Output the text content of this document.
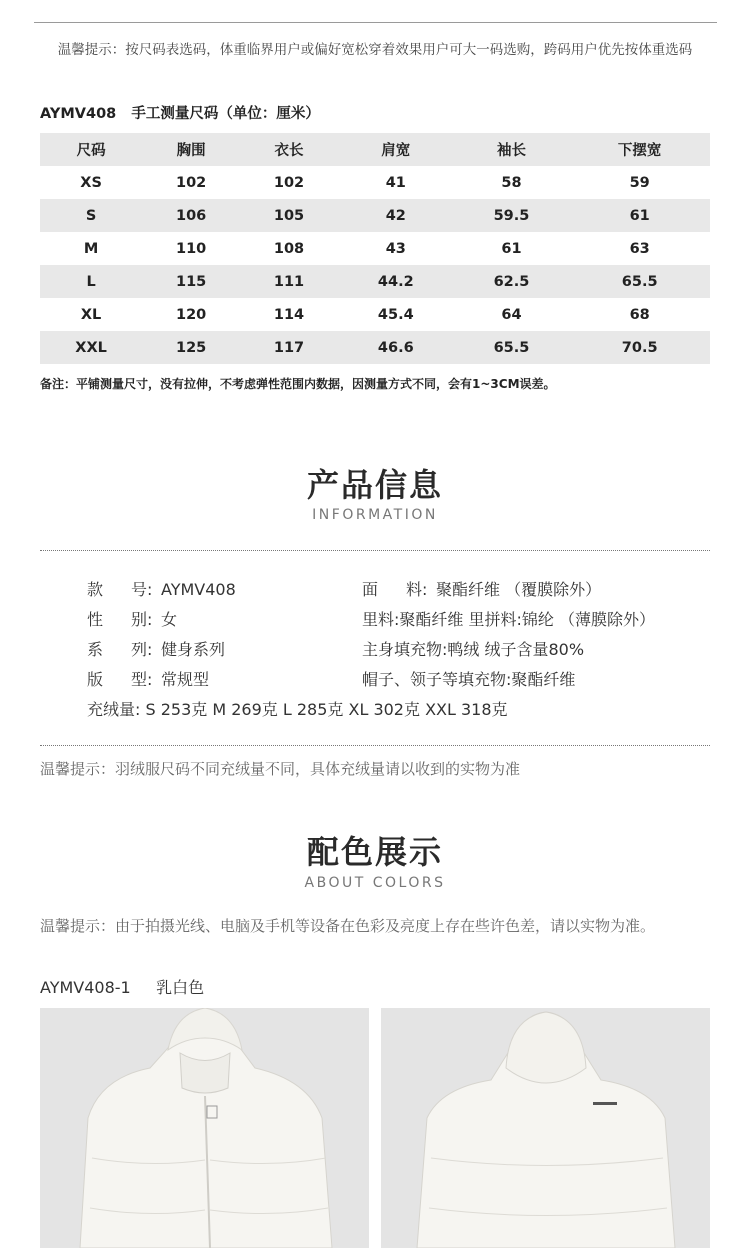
温馨提示：按尺码表选码，体重临界用户或偏好宽松穿着效果用户可大一码选购，跨码用户优先按体重选码
AYMV408   手工测量尺码（单位：厘米）
尺码	胸围	衣长	肩宽	袖长	下摆宽
XS	102	102	41	58	59
S	106	105	42	59.5	61
M	110	108	43	61	63
L	115	111	44.2	62.5	65.5
XL	120	114	45.4	64	68
XXL	125	117	46.6	65.5	70.5
备注：平铺测量尺寸，没有拉伸，不考虑弹性范围内数据，因测量方式不同，会有1~3CM误差。
产品信息
INFORMATION
款 号: AYMV408
性 别: 女
系 列: 健身系列
版 型: 常规型
面 料: 聚酯纤维 （覆膜除外）
里料:聚酯纤维 里拼料:锦纶 （薄膜除外）
主身填充物:鸭绒 绒子含量80%
帽子、领子等填充物:聚酯纤维
充绒量: S 253克 M 269克 L 285克 XL 302克 XXL 318克
温馨提示：羽绒服尺码不同充绒量不同，具体充绒量请以收到的实物为准
配色展示
ABOUT COLORS
温馨提示：由于拍摄光线、电脑及手机等设备在色彩及亮度上存在些许色差，请以实物为准。
AYMV408-1     乳白色
